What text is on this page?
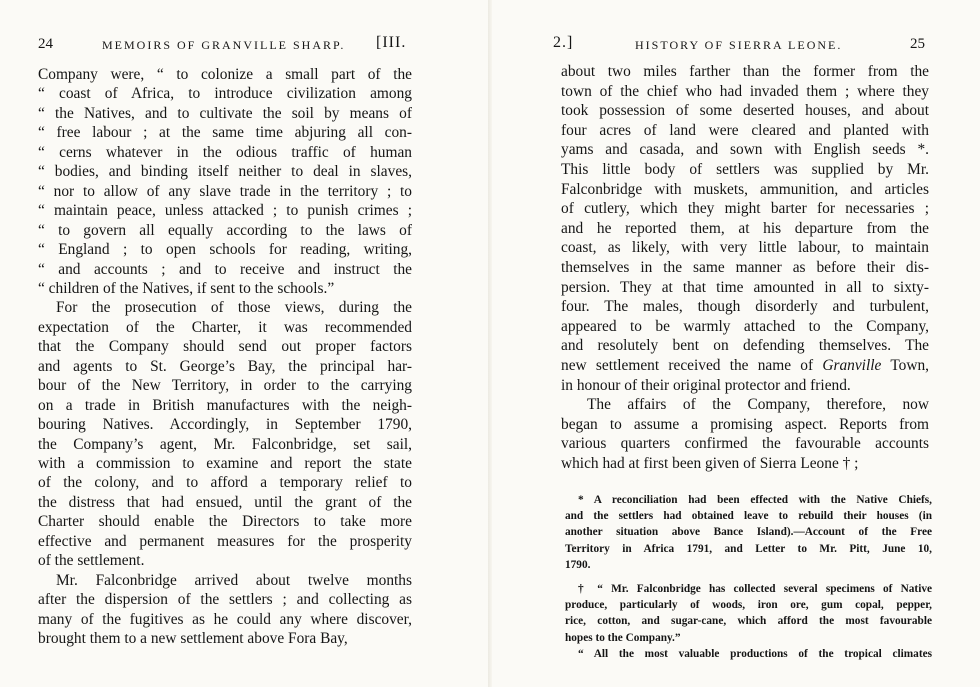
24	MEMOIRS OF GRANVILLE SHARP. [III.
Company were, “ to colonize a small part of the
“ coast of Africa, to introduce civilization among
“ the Natives, and to cultivate the soil by means of
“ free labour ; at the same time abjuring all con-
“ cerns whatever in the odious traffic of human
“ bodies, and binding itself neither to deal in slaves,
“ nor to allow of any slave trade in the territory ; to
“ maintain peace, unless attacked ; to punish crimes ;
“ to govern all equally according to the laws of
“ England ; to open schools for reading, writing,
“ and accounts ; and to receive and instruct the
“ children of the Natives, if sent to the schools.”
For the prosecution of those views, during the
expectation of the Charter, it was recommended
that the Company should send out proper factors
and agents to St. George’s Bay, the principal har-
bour of the New Territory, in order to the carrying
on a trade in British manufactures with the neigh-
bouring Natives. Accordingly, in September 1790,
the Company’s agent, Mr. Falconbridge, set sail,
with a commission to examine and report the state
of the colony, and to afford a temporary relief to
the distress that had ensued, until the grant of the
Charter should enable the Directors to take more
effective and permanent measures for the prosperity
of the settlement.
Mr. Falconbridge arrived about twelve months
after the dispersion of the settlers ; and collecting as
many of the fugitives as he could any where discover,
brought them to a new settlement above Fora Bay,
2.]	HISTORY OF SIERRA LEONE.	25
about two miles farther than the former from the
town of the chief who had invaded them ; where they
took possession of some deserted houses, and about
four acres of land were cleared and planted with
yams and casada, and sown with English seeds *.
This little body of settlers was supplied by Mr.
Falconbridge with muskets, ammunition, and articles
of cutlery, which they might barter for necessaries ;
and he reported them, at his departure from the
coast, as likely, with very little labour, to maintain
themselves in the same manner as before their dis-
persion. They at that time amounted in all to sixty-
four. The males, though disorderly and turbulent,
appeared to be warmly attached to the Company,
and resolutely bent on defending themselves. The
new settlement received the name of Granville Town,
in honour of their original protector and friend.
The affairs of the Company, therefore, now
began to assume a promising aspect. Reports from
various quarters confirmed the favourable accounts
which had at first been given of Sierra Leone † ;
* A reconciliation had been effected with the Native Chiefs,
and the settlers had obtained leave to rebuild their houses (in
another situation above Bance Island).—Account of the Free
Territory in Africa 1791, and Letter to Mr. Pitt, June 10,
1790.
† “ Mr. Falconbridge has collected several specimens of Native
produce, particularly of woods, iron ore, gum copal, pepper,
rice, cotton, and sugar-cane, which afford the most favourable
hopes to the Company.”
“ All the most valuable productions of the tropical climates
